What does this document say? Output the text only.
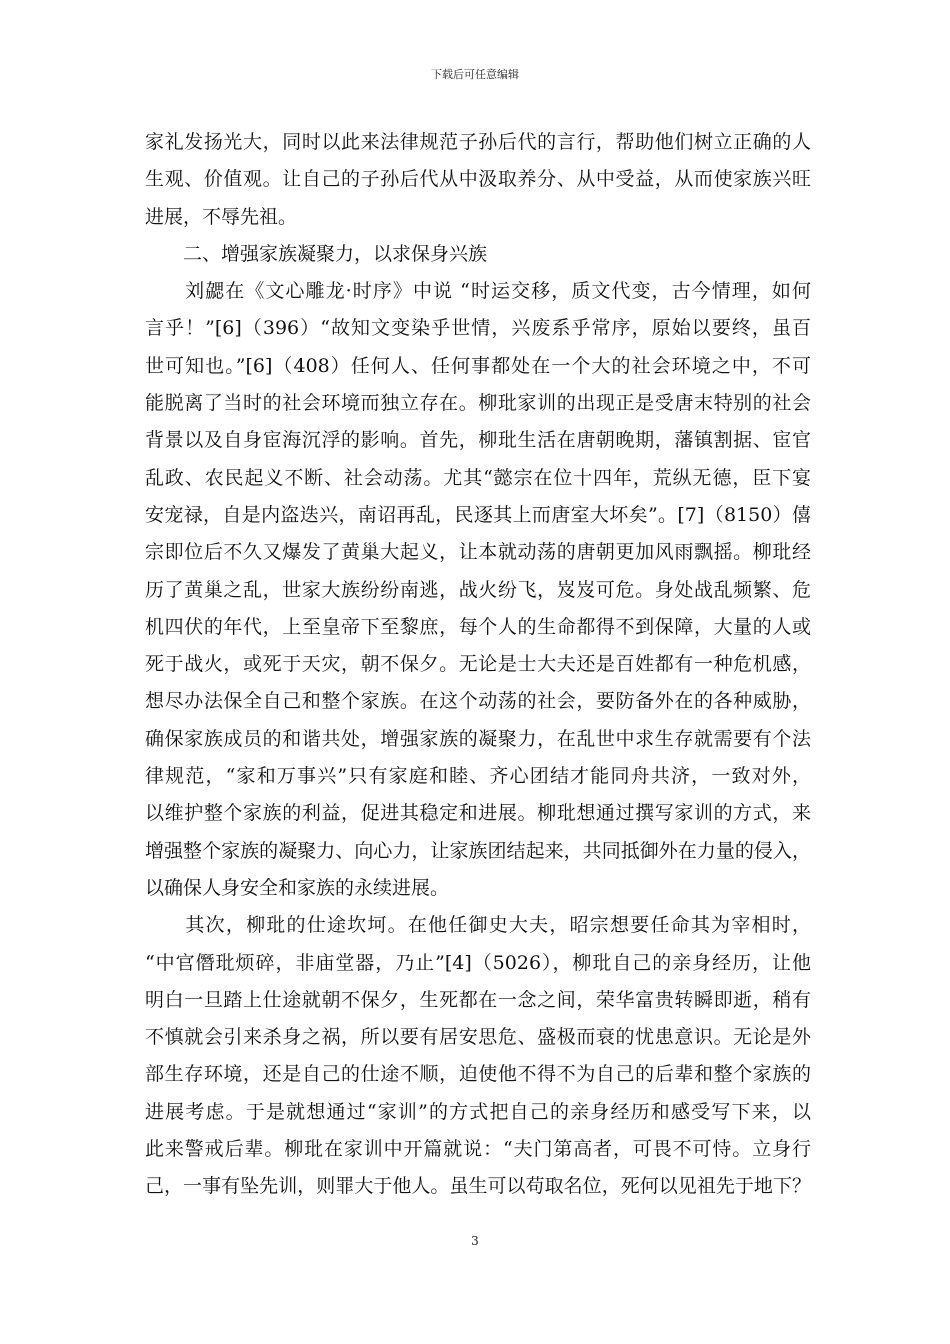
下载后可任意编辑
家礼发扬光大，同时以此来法律规范子孙后代的言行，帮助他们树立正确的人
生观、价值观。让自己的子孙后代从中汲取养分、从中受益，从而使家族兴旺
进展，不辱先祖。
　　二、增强家族凝聚力，以求保身兴族
　　刘勰在《文心雕龙·时序》中说 “时运交移，质文代变，古今情理，如何
言乎！”[6]（396）“故知文变染乎世情，兴废系乎常序，原始以要终，虽百
世可知也。”[6]（408）任何人、任何事都处在一个大的社会环境之中，不可
能脱离了当时的社会环境而独立存在。柳玭家训的出现正是受唐末特别的社会
背景以及自身宦海沉浮的影响。首先，柳玭生活在唐朝晚期，藩镇割据、宦官
乱政、农民起义不断、社会动荡。尤其“懿宗在位十四年，荒纵无德，臣下宴
安宠禄，自是内盗迭兴，南诏再乱，民逐其上而唐室大坏矣”。[7]（8150）僖
宗即位后不久又爆发了黄巢大起义，让本就动荡的唐朝更加风雨飘摇。柳玭经
历了黄巢之乱，世家大族纷纷南逃，战火纷飞，岌岌可危。身处战乱频繁、危
机四伏的年代，上至皇帝下至黎庶，每个人的生命都得不到保障，大量的人或
死于战火，或死于天灾，朝不保夕。无论是士大夫还是百姓都有一种危机感，
想尽办法保全自己和整个家族。在这个动荡的社会，要防备外在的各种威胁，
确保家族成员的和谐共处，增强家族的凝聚力，在乱世中求生存就需要有个法
律规范，“家和万事兴”只有家庭和睦、齐心团结才能同舟共济，一致对外，
以维护整个家族的利益，促进其稳定和进展。柳玭想通过撰写家训的方式，来
增强整个家族的凝聚力、向心力，让家族团结起来，共同抵御外在力量的侵入，
以确保人身安全和家族的永续进展。
　　其次，柳玭的仕途坎坷。在他任御史大夫，昭宗想要任命其为宰相时，
“中官僭玭烦碎，非庙堂器，乃止”[4]（5026），柳玭自己的亲身经历，让他
明白一旦踏上仕途就朝不保夕，生死都在一念之间，荣华富贵转瞬即逝，稍有
不慎就会引来杀身之祸，所以要有居安思危、盛极而衰的忧患意识。无论是外
部生存环境，还是自己的仕途不顺，迫使他不得不为自己的后辈和整个家族的
进展考虑。于是就想通过“家训”的方式把自己的亲身经历和感受写下来，以
此来警戒后辈。柳玭在家训中开篇就说：“夫门第高者，可畏不可恃。立身行
己，一事有坠先训，则罪大于他人。虽生可以苟取名位，死何以见祖先于地下？
3
